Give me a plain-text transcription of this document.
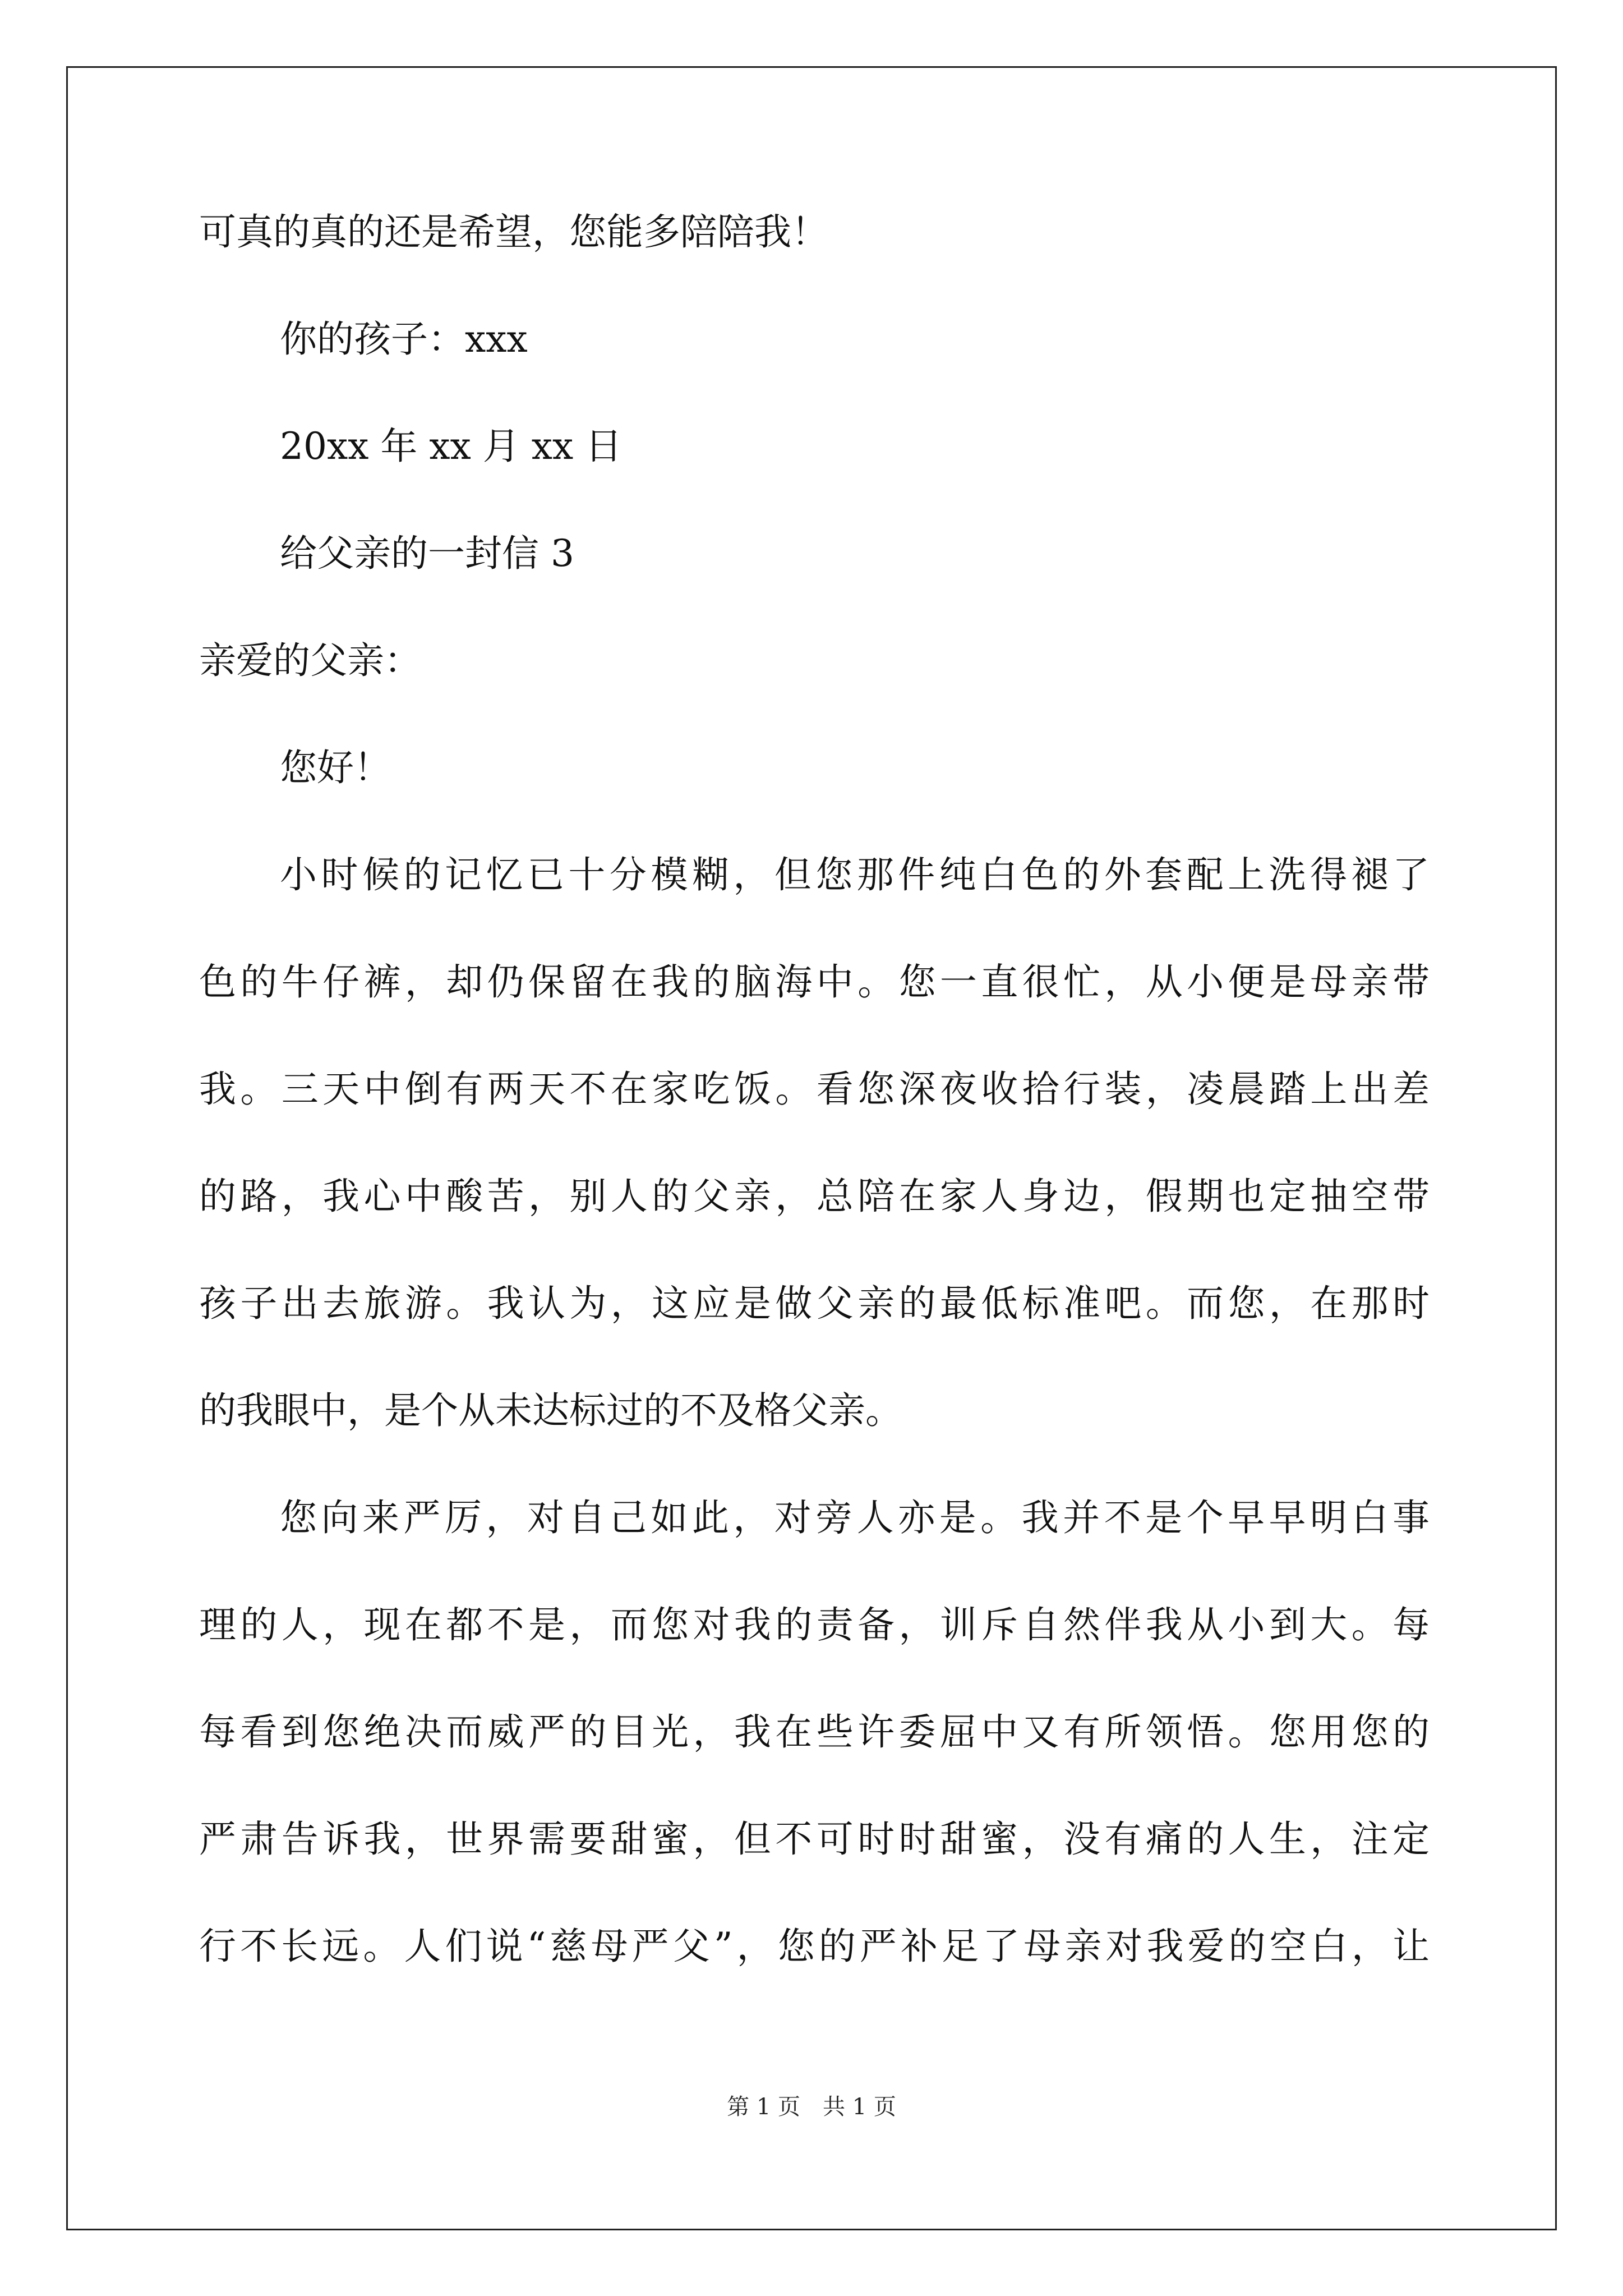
可真的真的还是希望，您能多陪陪我！
你的孩子：xxx
20xx 年 xx 月 xx 日
给父亲的一封信 3
亲爱的父亲：
您好！
小时候的记忆已十分模糊，但您那件纯白色的外套配上洗得褪了
色的牛仔裤，却仍保留在我的脑海中。您一直很忙，从小便是母亲带
我。三天中倒有两天不在家吃饭。看您深夜收拾行装，凌晨踏上出差
的路，我心中酸苦，别人的父亲，总陪在家人身边，假期也定抽空带
孩子出去旅游。我认为，这应是做父亲的最低标准吧。而您，在那时
的我眼中，是个从未达标过的不及格父亲。
您向来严厉，对自己如此，对旁人亦是。我并不是个早早明白事
理的人，现在都不是，而您对我的责备，训斥自然伴我从小到大。每
每看到您绝决而威严的目光，我在些许委屈中又有所领悟。您用您的
严肃告诉我，世界需要甜蜜，但不可时时甜蜜，没有痛的人生，注定
行不长远。人们说“慈母严父”，您的严补足了母亲对我爱的空白，让
第 1 页　共 1 页
